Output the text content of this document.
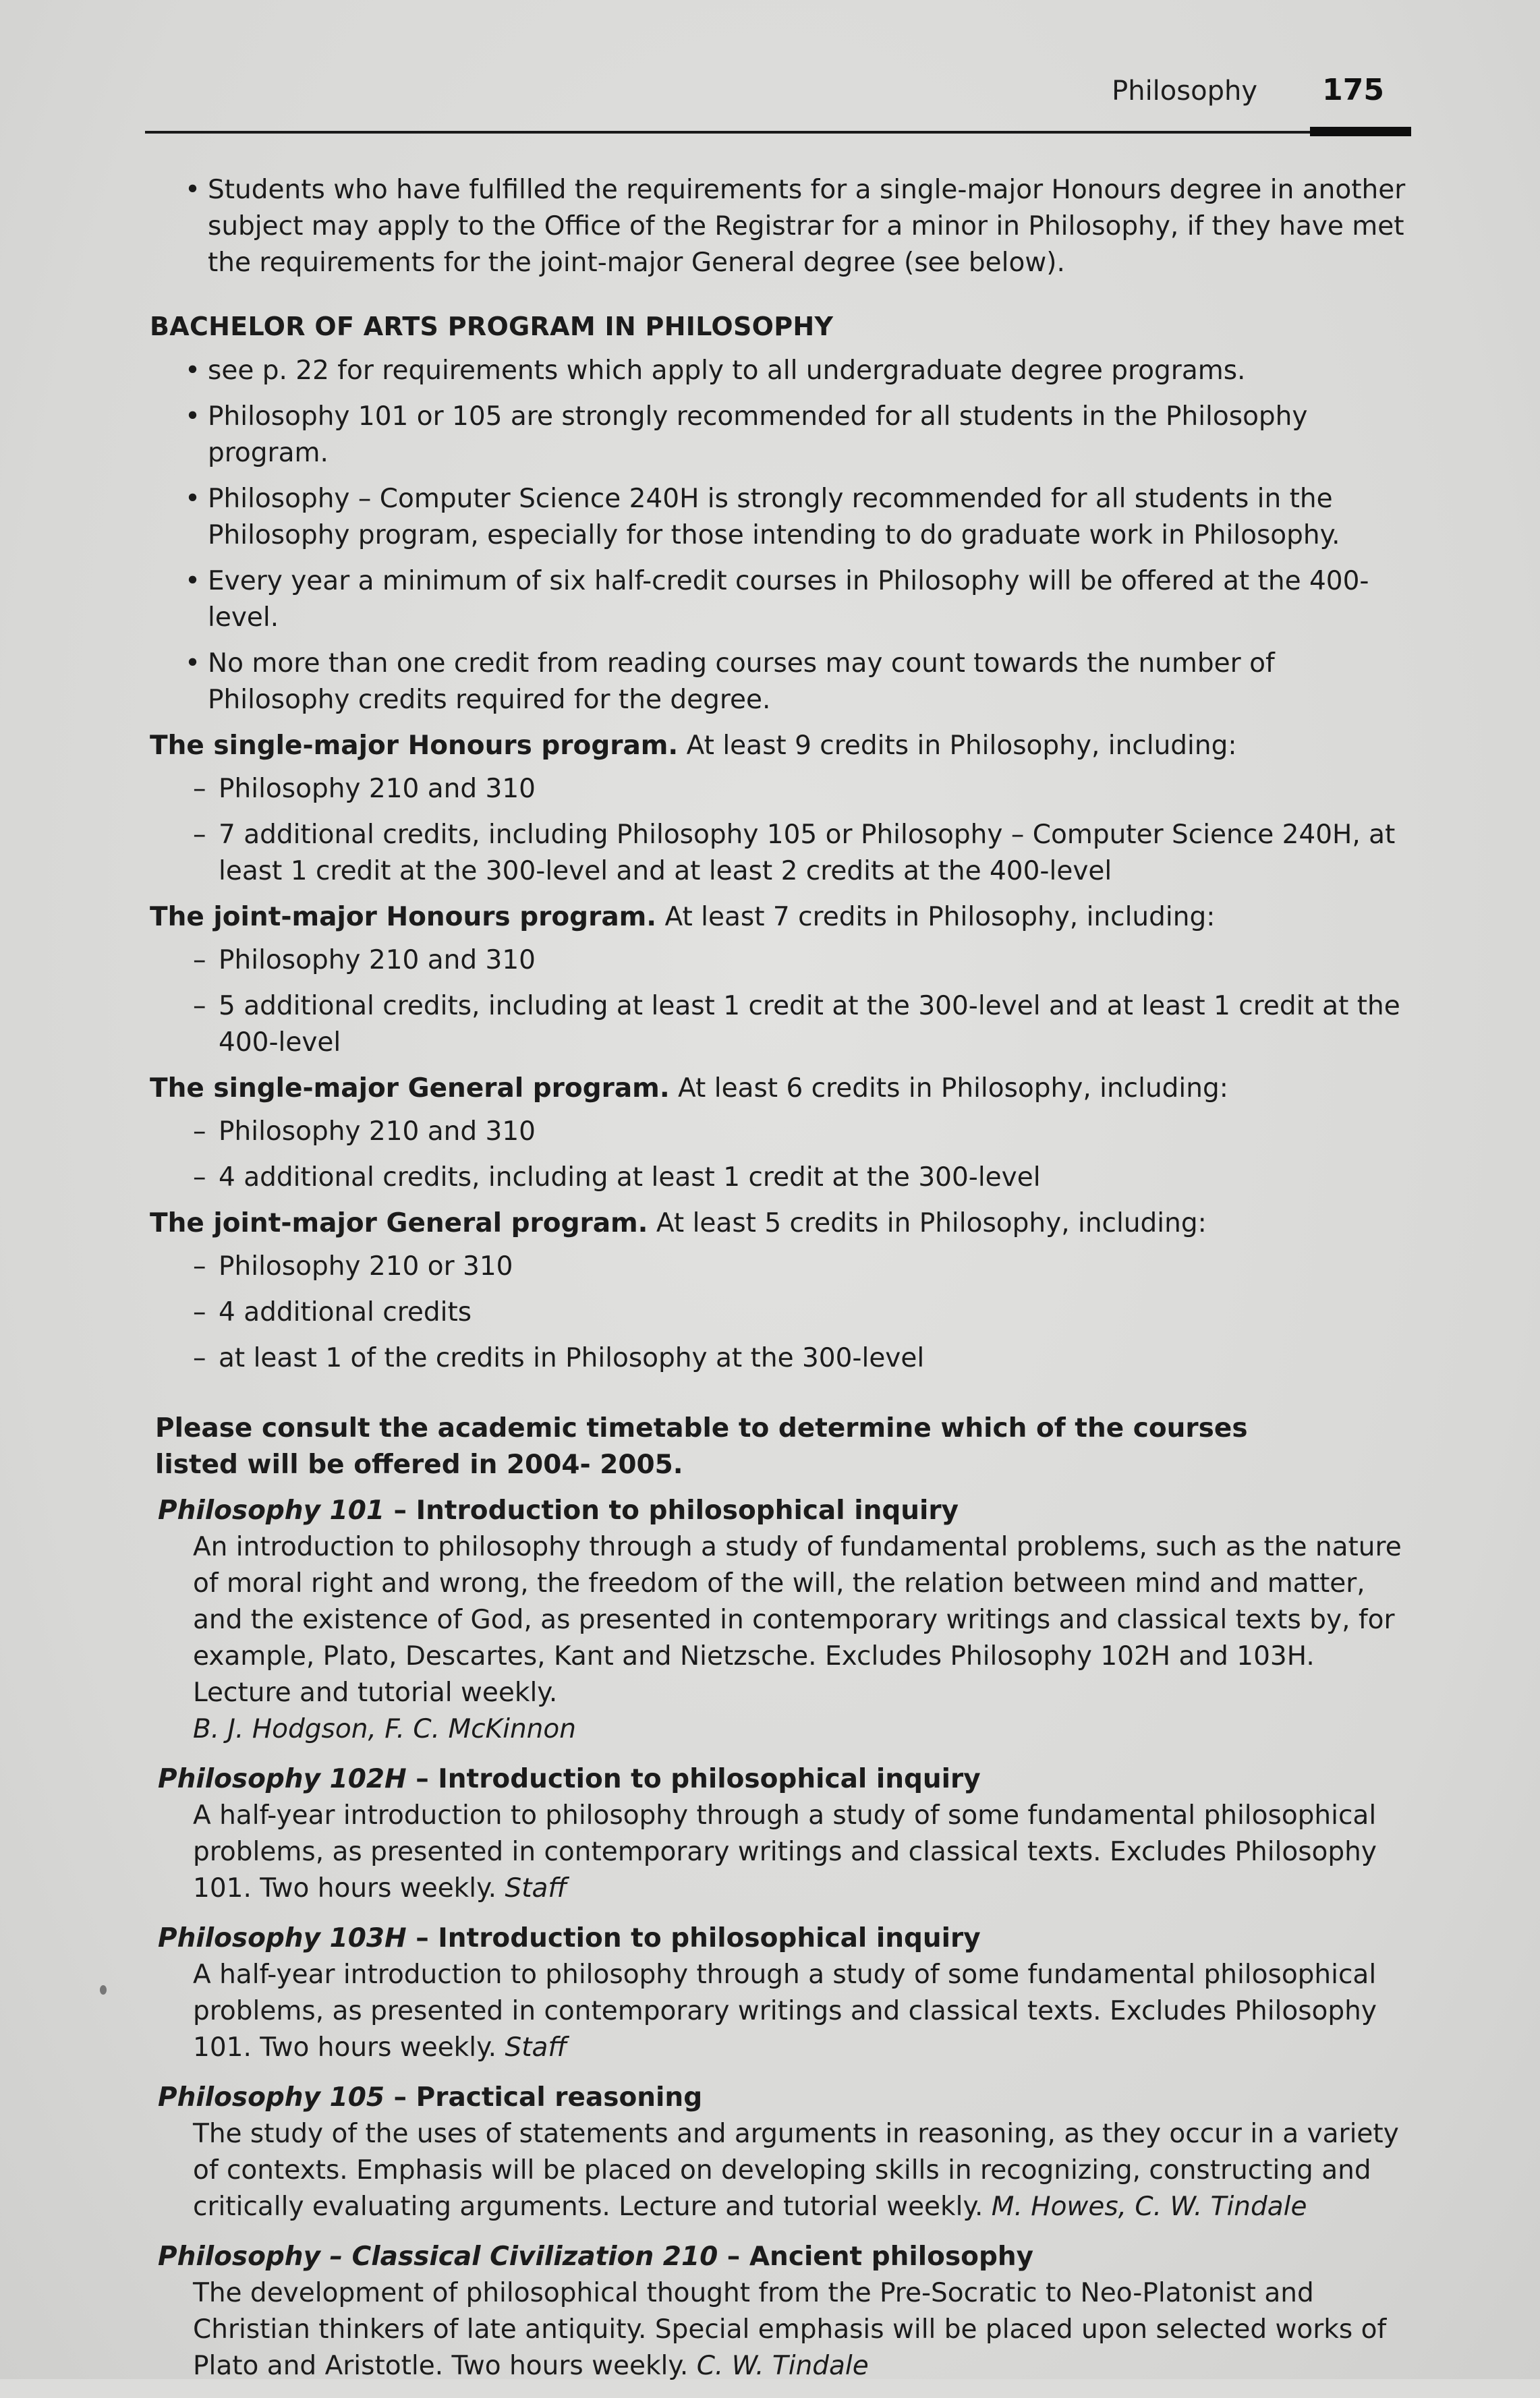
Philosophy 175
• Students who have fulfilled the requirements for a single-major Honours degree in another subject may apply to the Office of the Registrar for a minor in Philosophy, if they have met the requirements for the joint-major General degree (see below).
BACHELOR OF ARTS PROGRAM IN PHILOSOPHY
• see p. 22 for requirements which apply to all undergraduate degree programs.
• Philosophy 101 or 105 are strongly recommended for all students in the Philosophy program.
• Philosophy – Computer Science 240H is strongly recommended for all students in the Philosophy program, especially for those intending to do graduate work in Philosophy.
• Every year a minimum of six half-credit courses in Philosophy will be offered at the 400-level.
• No more than one credit from reading courses may count towards the number of Philosophy credits required for the degree.
The single-major Honours program. At least 9 credits in Philosophy, including:
– Philosophy 210 and 310
– 7 additional credits, including Philosophy 105 or Philosophy – Computer Science 240H, at least 1 credit at the 300-level and at least 2 credits at the 400-level
The joint-major Honours program. At least 7 credits in Philosophy, including:
– Philosophy 210 and 310
– 5 additional credits, including at least 1 credit at the 300-level and at least 1 credit at the 400-level
The single-major General program. At least 6 credits in Philosophy, including:
– Philosophy 210 and 310
– 4 additional credits, including at least 1 credit at the 300-level
The joint-major General program. At least 5 credits in Philosophy, including:
– Philosophy 210 or 310
– 4 additional credits
– at least 1 of the credits in Philosophy at the 300-level
Please consult the academic timetable to determine which of the courses listed will be offered in 2004- 2005.
Philosophy 101 – Introduction to philosophical inquiry
An introduction to philosophy through a study of fundamental problems, such as the nature of moral right and wrong, the freedom of the will, the relation between mind and matter, and the existence of God, as presented in contemporary writings and classical texts by, for example, Plato, Descartes, Kant and Nietzsche. Excludes Philosophy 102H and 103H. Lecture and tutorial weekly.
B. J. Hodgson, F. C. McKinnon
Philosophy 102H – Introduction to philosophical inquiry
A half-year introduction to philosophy through a study of some fundamental philosophical problems, as presented in contemporary writings and classical texts. Excludes Philosophy 101. Two hours weekly. Staff
Philosophy 103H – Introduction to philosophical inquiry
A half-year introduction to philosophy through a study of some fundamental philosophical problems, as presented in contemporary writings and classical texts. Excludes Philosophy 101. Two hours weekly. Staff
Philosophy 105 – Practical reasoning
The study of the uses of statements and arguments in reasoning, as they occur in a variety of contexts. Emphasis will be placed on developing skills in recognizing, constructing and critically evaluating arguments. Lecture and tutorial weekly. M. Howes, C. W. Tindale
Philosophy – Classical Civilization 210 – Ancient philosophy
The development of philosophical thought from the Pre-Socratic to Neo-Platonist and Christian thinkers of late antiquity. Special emphasis will be placed upon selected works of Plato and Aristotle. Two hours weekly. C. W. Tindale
